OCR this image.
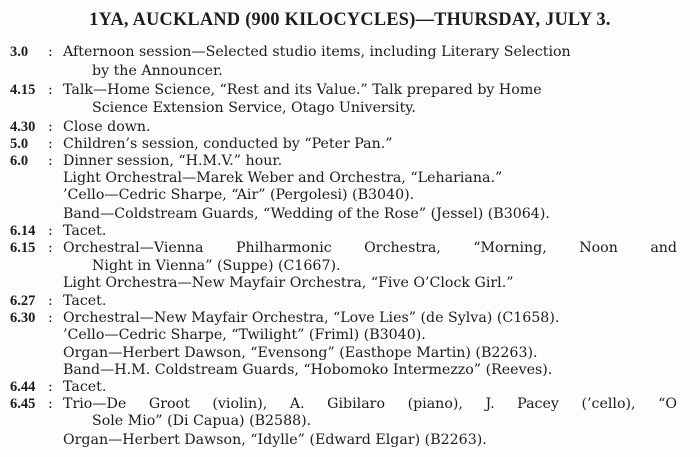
1YA, AUCKLAND (900 KILOCYCLES)—THURSDAY, JULY 3.
3.0 : Afternoon session—Selected studio items, including Literary Selection
by the Announcer.
4.15 : Talk—Home Science, “Rest and its Value.” Talk prepared by Home
Science Extension Service, Otago University.
4.30 : Close down.
5.0 : Children’s session, conducted by “Peter Pan.”
6.0 : Dinner session, “H.M.V.” hour.
Light Orchestral—Marek Weber and Orchestra, “Lehariana.”
’Cello—Cedric Sharpe, “Air” (Pergolesi) (B3040).
Band—Coldstream Guards, “Wedding of the Rose” (Jessel) (B3064).
6.14 : Tacet.
6.15 : Orchestral—Vienna Philharmonic Orchestra, “Morning, Noon and
Night in Vienna” (Suppe) (C1667).
Light Orchestra—New Mayfair Orchestra, “Five O’Clock Girl.”
6.27 : Tacet.
6.30 : Orchestral—New Mayfair Orchestra, “Love Lies” (de Sylva) (C1658).
’Cello—Cedric Sharpe, “Twilight” (Friml) (B3040).
Organ—Herbert Dawson, “Evensong” (Easthope Martin) (B2263).
Band—H.M. Coldstream Guards, “Hobomoko Intermezzo” (Reeves).
6.44 : Tacet.
6.45 : Trio—De Groot (violin), A. Gibilaro (piano), J. Pacey (’cello), “O
Sole Mio” (Di Capua) (B2588).
Organ—Herbert Dawson, “Idylle” (Edward Elgar) (B2263).
